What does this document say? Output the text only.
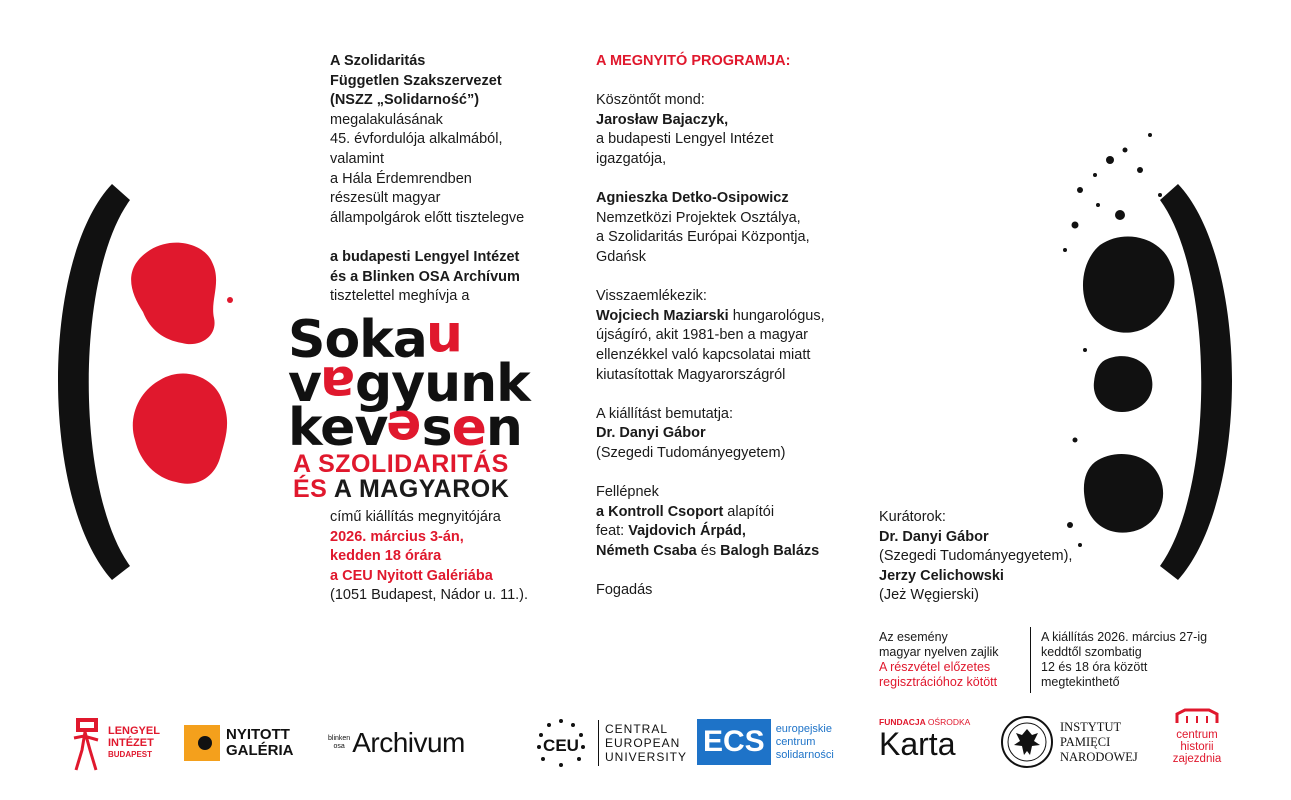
A Szolidaritás
Független Szakszervezet
(NSZZ „Solidarność”)
megalakulásának
45. évfordulója alkalmából,
valamint
a Hála Érdemrendben
részesült magyar
állampolgárok előtt tisztelegve
a budapesti Lengyel Intézet
és a Blinken OSA Archívum
tisztelettel meghívja a
Sokan
vagyunk
kevesen
A SZOLIDARITÁS
ÉS A MAGYAROK
című kiállítás megnyitójára
2026. március 3-án,
kedden 18 órára
a CEU Nyitott Galériába
(1051 Budapest, Nádor u. 11.).
A MEGNYITÓ PROGRAMJA:
Köszöntőt mond:
Jarosław Bajaczyk,
a budapesti Lengyel Intézet
igazgatója,
Agnieszka Detko-Osipowicz
Nemzetközi Projektek Osztálya,
a Szolidaritás Európai Központja,
Gdańsk
Visszaemlékezik:
Wojciech Maziarski hungarológus,
újságíró, akit 1981-ben a magyar
ellenzékkel való kapcsolatai miatt
kiutasítottak Magyarországról
A kiállítást bemutatja:
Dr. Danyi Gábor
(Szegedi Tudományegyetem)
Fellépnek
a Kontroll Csoport alapítói
feat: Vajdovich Árpád,
Németh Csaba és Balogh Balázs
Fogadás
Kurátorok:
Dr. Danyi Gábor
(Szegedi Tudományegyetem),
Jerzy Celichowski
(Jeż Węgierski)
Az esemény
magyar nyelven zajlik
A részvétel előzetes
regisztrációhoz kötött
A kiállítás 2026. március 27-ig
keddtől szombatig
12 és 18 óra között
megtekinthető
LENGYEL
INTÉZET
BUDAPEST
NYITOTT
GALÉRIA
blinken
osa Archivum	CEU
CENTRAL
EUROPEAN
UNIVERSITY ECS	europejskie
centrum
solidarności
FUNDACJA OŚRODKA
Karta	INSTYTUT
PAMIĘCI
NARODOWEJ
centrum
historii
zajezdnia
